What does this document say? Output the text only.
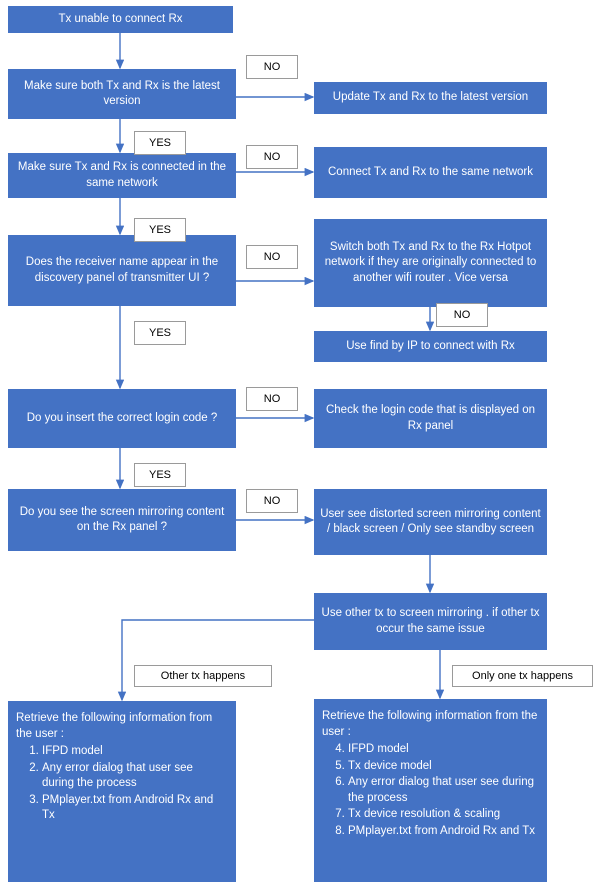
Tx unable to connect Rx
Make sure both Tx and Rx is the latest version	Update Tx and Rx to the latest version
Make sure Tx and Rx is connected in the same network
Connect Tx and Rx to the same network
Does the receiver name appear in the discovery panel of transmitter UI ?
Switch both Tx and Rx to the Rx Hotpot network if they are originally connected to another wifi router . Vice versa
Use find by IP to connect with Rx
Do you insert the correct login code ?
Check the login code that is displayed on Rx panel
Do you see the screen mirroring content on the Rx panel ?
User see distorted screen mirroring content / black screen / Only see standby screen
Use other tx to screen mirroring . if other tx occur the same issue
Retrieve the following information from the user :
1. IFPD model
2. Any error dialog that user see during the process
3. PMplayer.txt from Android Rx and Tx
Retrieve the following information from the user :
4. IFPD model
5. Tx device model
6. Any error dialog that user see during the process
7. Tx device resolution & scaling
8. PMplayer.txt from Android Rx and Tx
NO
YES
NO
YES
NO
YES
NO
NO
YES
NO
Other tx happens	Only one tx happens
